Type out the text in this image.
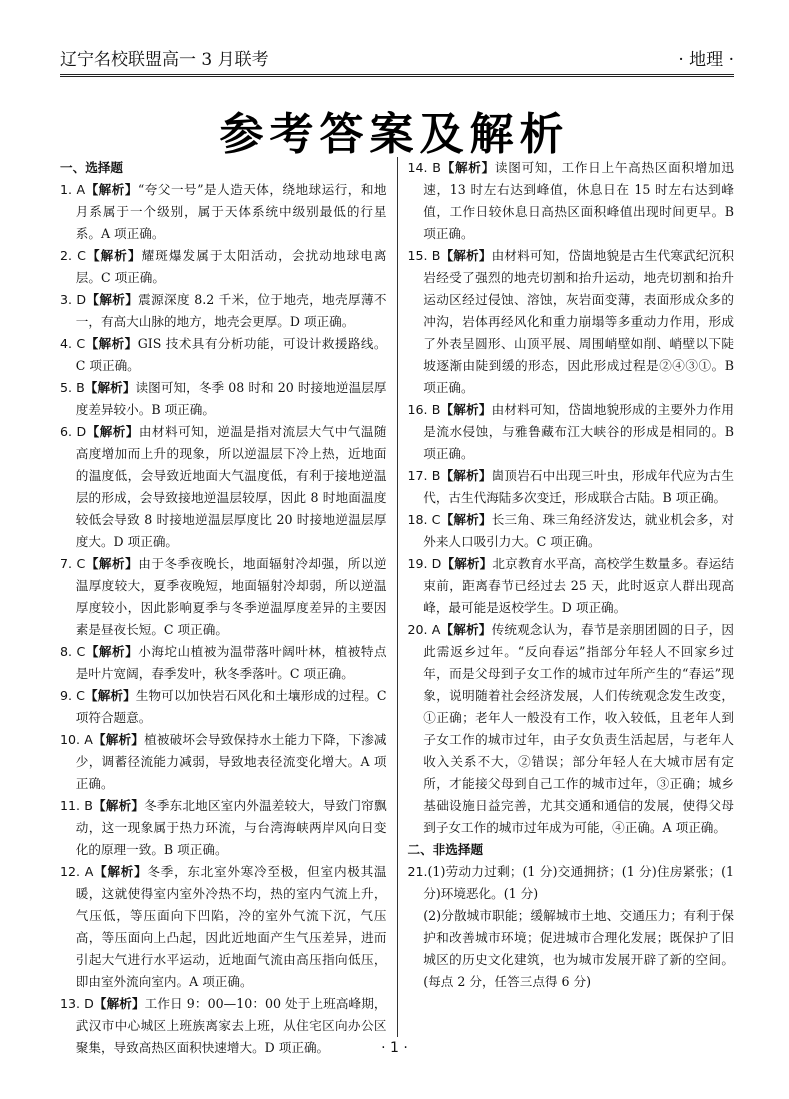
辽宁名校联盟高一 3 月联考	· 地理 ·
参考答案及解析
一、选择题
1. A【解析】“夸父一号”是人造天体，绕地球运行，和地月系属于一个级别，属于天体系统中级别最低的行星系。A 项正确。
2. C【解析】耀斑爆发属于太阳活动，会扰动地球电离层。C 项正确。
3. D【解析】震源深度 8.2 千米，位于地壳，地壳厚薄不一，有高大山脉的地方，地壳会更厚。D 项正确。
4. C【解析】GIS 技术具有分析功能，可设计救援路线。C 项正确。
5. B【解析】读图可知，冬季 08 时和 20 时接地逆温层厚度差异较小。B 项正确。
6. D【解析】由材料可知，逆温是指对流层大气中气温随高度增加而上升的现象，所以逆温层下冷上热，近地面的温度低，会导致近地面大气温度低，有利于接地逆温层的形成，会导致接地逆温层较厚，因此 8 时地面温度较低会导致 8 时接地逆温层厚度比 20 时接地逆温层厚度大。D 项正确。
7. C【解析】由于冬季夜晚长，地面辐射冷却强，所以逆温厚度较大，夏季夜晚短，地面辐射冷却弱，所以逆温厚度较小，因此影响夏季与冬季逆温厚度差异的主要因素是昼夜长短。C 项正确。
8. C【解析】小海坨山植被为温带落叶阔叶林，植被特点是叶片宽阔，春季发叶，秋冬季落叶。C 项正确。
9. C【解析】生物可以加快岩石风化和土壤形成的过程。C 项符合题意。
10. A【解析】植被破坏会导致保持水土能力下降，下渗减少，调蓄径流能力减弱，导致地表径流变化增大。A 项正确。
11. B【解析】冬季东北地区室内外温差较大，导致门帘飘动，这一现象属于热力环流，与台湾海峡两岸风向日变化的原理一致。B 项正确。
12. A【解析】冬季，东北室外寒冷至极，但室内极其温暖，这就使得室内室外冷热不均，热的室内气流上升，气压低，等压面向下凹陷，冷的室外气流下沉，气压高，等压面向上凸起，因此近地面产生气压差异，进而引起大气进行水平运动，近地面气流由高压指向低压，即由室外流向室内。A 项正确。
13. D【解析】工作日 9：00—10：00 处于上班高峰期，武汉市中心城区上班族离家去上班，从住宅区向办公区聚集，导致高热区面积快速增大。D 项正确。
14. B【解析】读图可知，工作日上午高热区面积增加迅速，13 时左右达到峰值，休息日在 15 时左右达到峰值，工作日较休息日高热区面积峰值出现时间更早。B 项正确。
15. B【解析】由材料可知，岱崮地貌是古生代寒武纪沉积岩经受了强烈的地壳切割和抬升运动，地壳切割和抬升运动区经过侵蚀、溶蚀，灰岩面变薄，表面形成众多的冲沟，岩体再经风化和重力崩塌等多重动力作用，形成了外表呈圆形、山顶平展、周围峭壁如削、峭壁以下陡坡逐渐由陡到缓的形态，因此形成过程是②④③①。B 项正确。
16. B【解析】由材料可知，岱崮地貌形成的主要外力作用是流水侵蚀，与雅鲁藏布江大峡谷的形成是相同的。B 项正确。
17. B【解析】崮顶岩石中出现三叶虫，形成年代应为古生代，古生代海陆多次变迁，形成联合古陆。B 项正确。
18. C【解析】长三角、珠三角经济发达，就业机会多，对外来人口吸引力大。C 项正确。
19. D【解析】北京教育水平高，高校学生数量多。春运结束前，距离春节已经过去 25 天，此时返京人群出现高峰，最可能是返校学生。D 项正确。
20. A【解析】传统观念认为，春节是亲朋团圆的日子，因此需返乡过年。“反向春运”指部分年轻人不回家乡过年，而是父母到子女工作的城市过年所产生的“春运”现象，说明随着社会经济发展，人们传统观念发生改变，①正确；老年人一般没有工作，收入较低，且老年人到子女工作的城市过年，由子女负责生活起居，与老年人收入关系不大，②错误；部分年轻人在大城市居有定所，才能接父母到自己工作的城市过年，③正确；城乡基础设施日益完善，尤其交通和通信的发展，使得父母到子女工作的城市过年成为可能，④正确。A 项正确。
二、非选择题
21.(1)劳动力过剩；(1 分)交通拥挤；(1 分)住房紧张；(1 分)环境恶化。(1 分)
(2)分散城市职能；缓解城市土地、交通压力；有利于保护和改善城市环境；促进城市合理化发展；既保护了旧城区的历史文化建筑，也为城市发展开辟了新的空间。(每点 2 分，任答三点得 6 分)
· 1 ·
